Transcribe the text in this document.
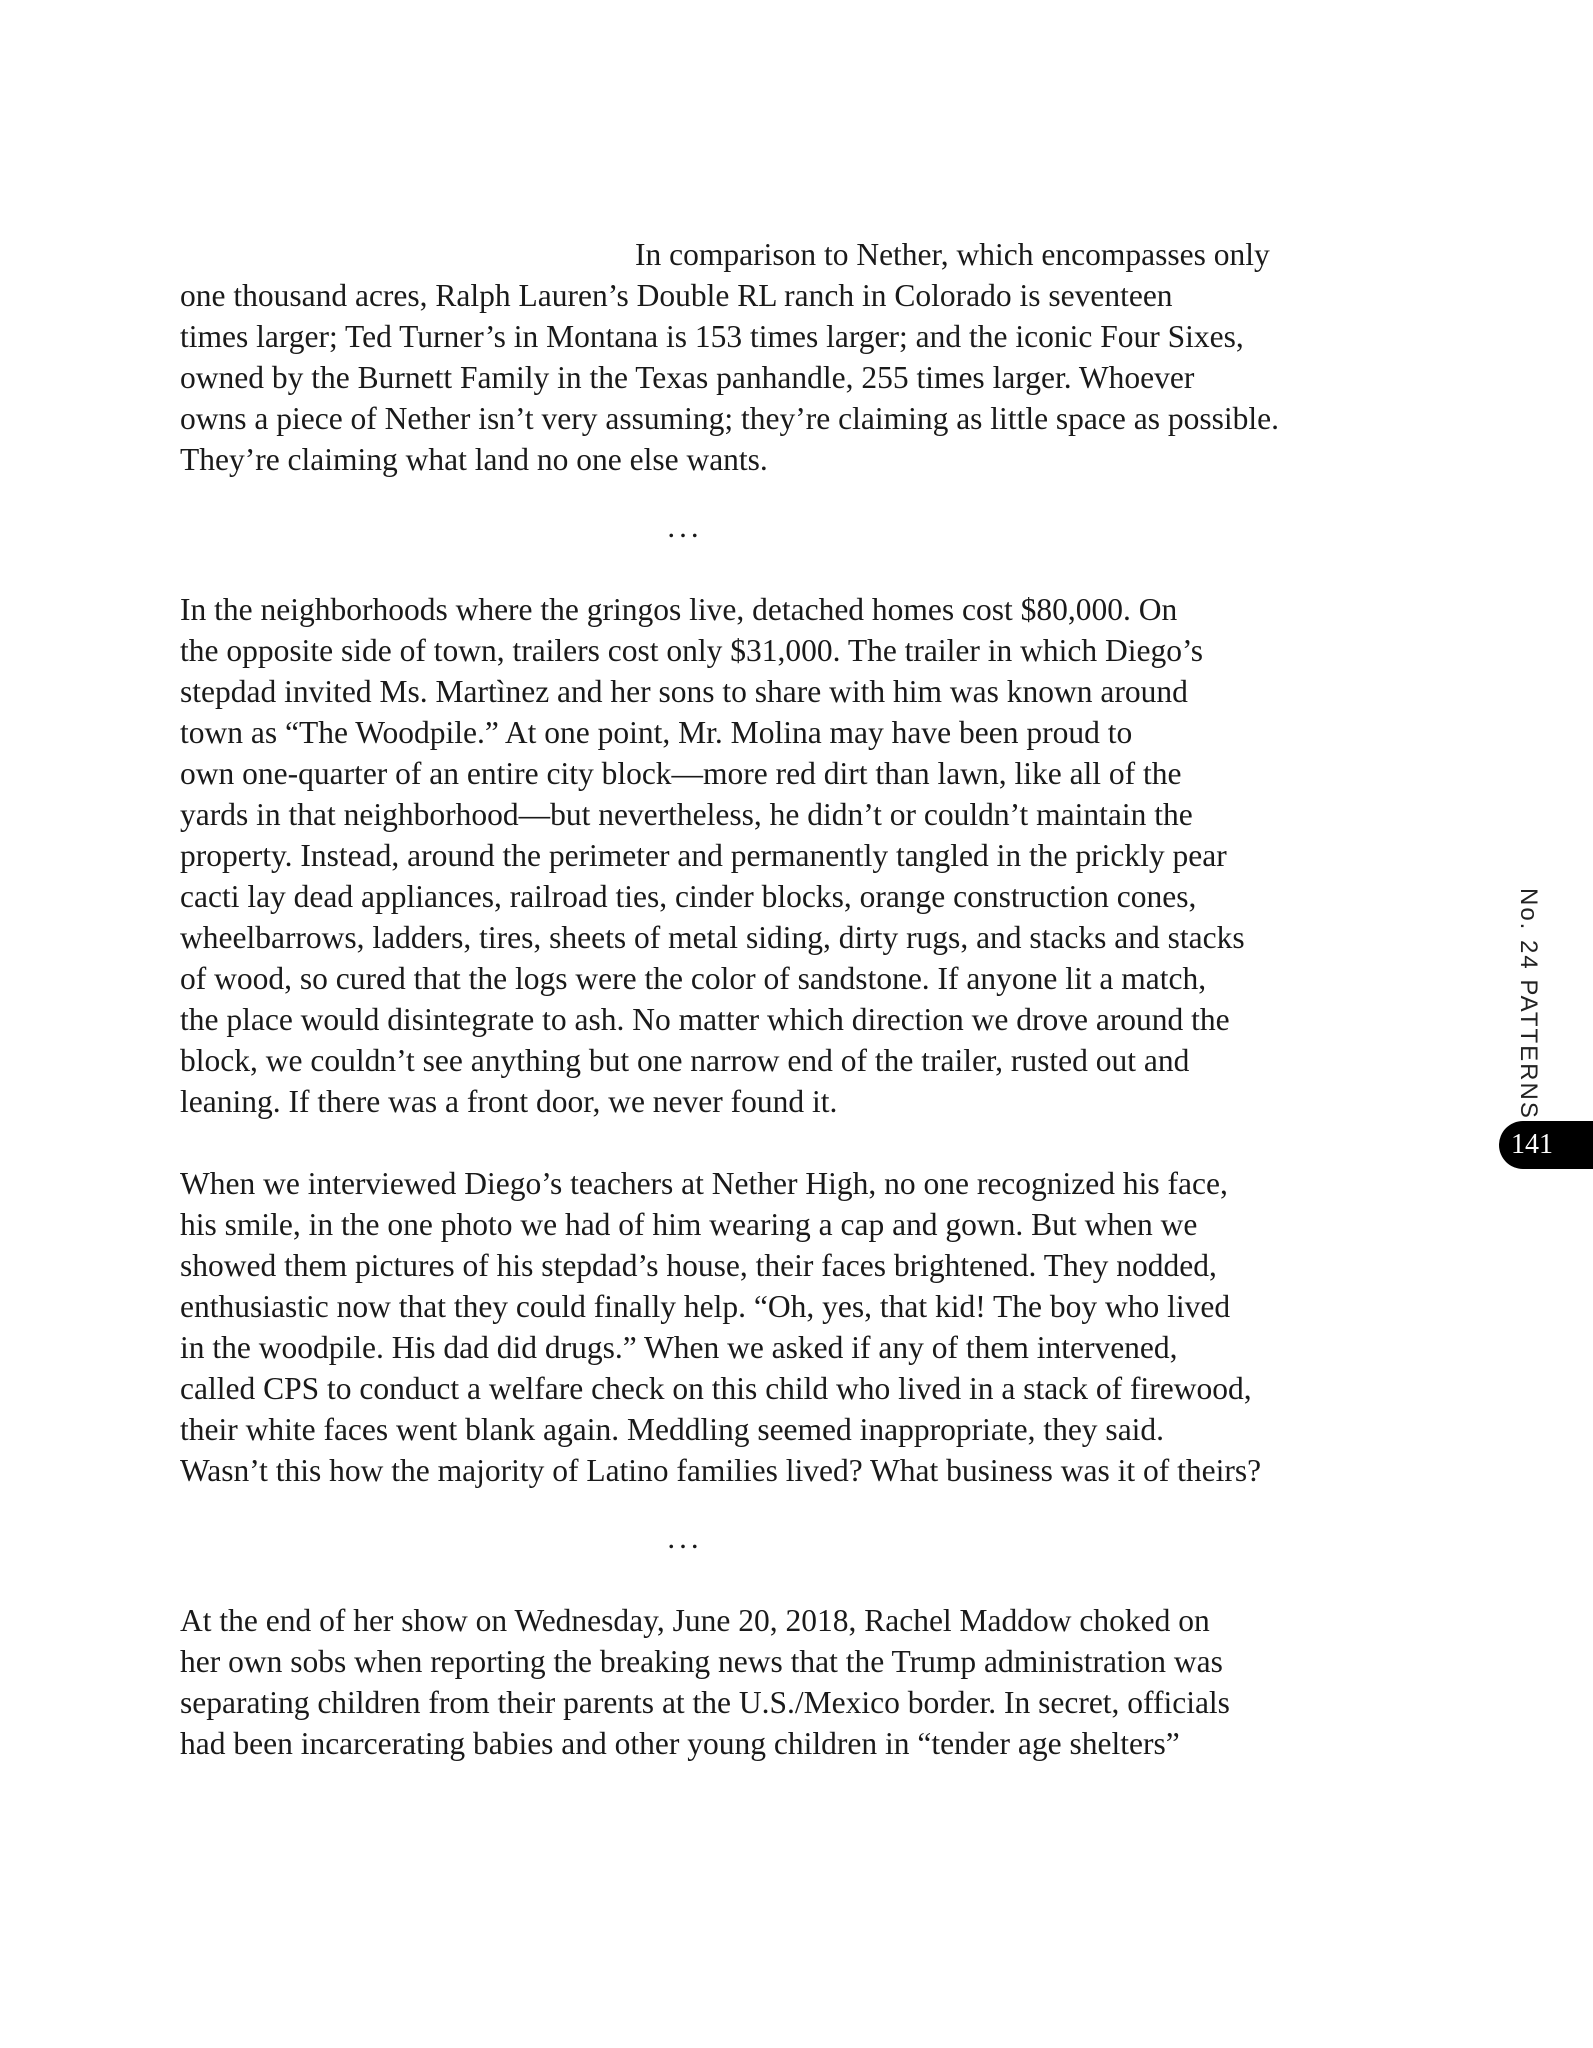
In comparison to Nether, which encompasses only
one thousand acres, Ralph Lauren’s Double RL ranch in Colorado is seventeen
times larger; Ted Turner’s in Montana is 153 times larger; and the iconic Four Sixes,
owned by the Burnett Family in the Texas panhandle, 255 times larger. Whoever
owns a piece of Nether isn’t very assuming; they’re claiming as little space as possible.
They’re claiming what land no one else wants.

...

In the neighborhoods where the gringos live, detached homes cost $80,000. On
the opposite side of town, trailers cost only $31,000. The trailer in which Diego’s
stepdad invited Ms. Martìnez and her sons to share with him was known around
town as “The Woodpile.” At one point, Mr. Molina may have been proud to
own one-quarter of an entire city block—more red dirt than lawn, like all of the
yards in that neighborhood—but nevertheless, he didn’t or couldn’t maintain the
property. Instead, around the perimeter and permanently tangled in the prickly pear
cacti lay dead appliances, railroad ties, cinder blocks, orange construction cones,
wheelbarrows, ladders, tires, sheets of metal siding, dirty rugs, and stacks and stacks
of wood, so cured that the logs were the color of sandstone. If anyone lit a match,
the place would disintegrate to ash. No matter which direction we drove around the
block, we couldn’t see anything but one narrow end of the trailer, rusted out and
leaning. If there was a front door, we never found it.

When we interviewed Diego’s teachers at Nether High, no one recognized his face,
his smile, in the one photo we had of him wearing a cap and gown. But when we
showed them pictures of his stepdad’s house, their faces brightened. They nodded,
enthusiastic now that they could finally help. “Oh, yes, that kid! The boy who lived
in the woodpile. His dad did drugs.” When we asked if any of them intervened,
called CPS to conduct a welfare check on this child who lived in a stack of firewood,
their white faces went blank again. Meddling seemed inappropriate, they said.
Wasn’t this how the majority of Latino families lived? What business was it of theirs?

...

At the end of her show on Wednesday, June 20, 2018, Rachel Maddow choked on
her own sobs when reporting the breaking news that the Trump administration was
separating children from their parents at the U.S./Mexico border. In secret, officials
had been incarcerating babies and other young children in “tender age shelters”

No. 24 PATTERNS
141
